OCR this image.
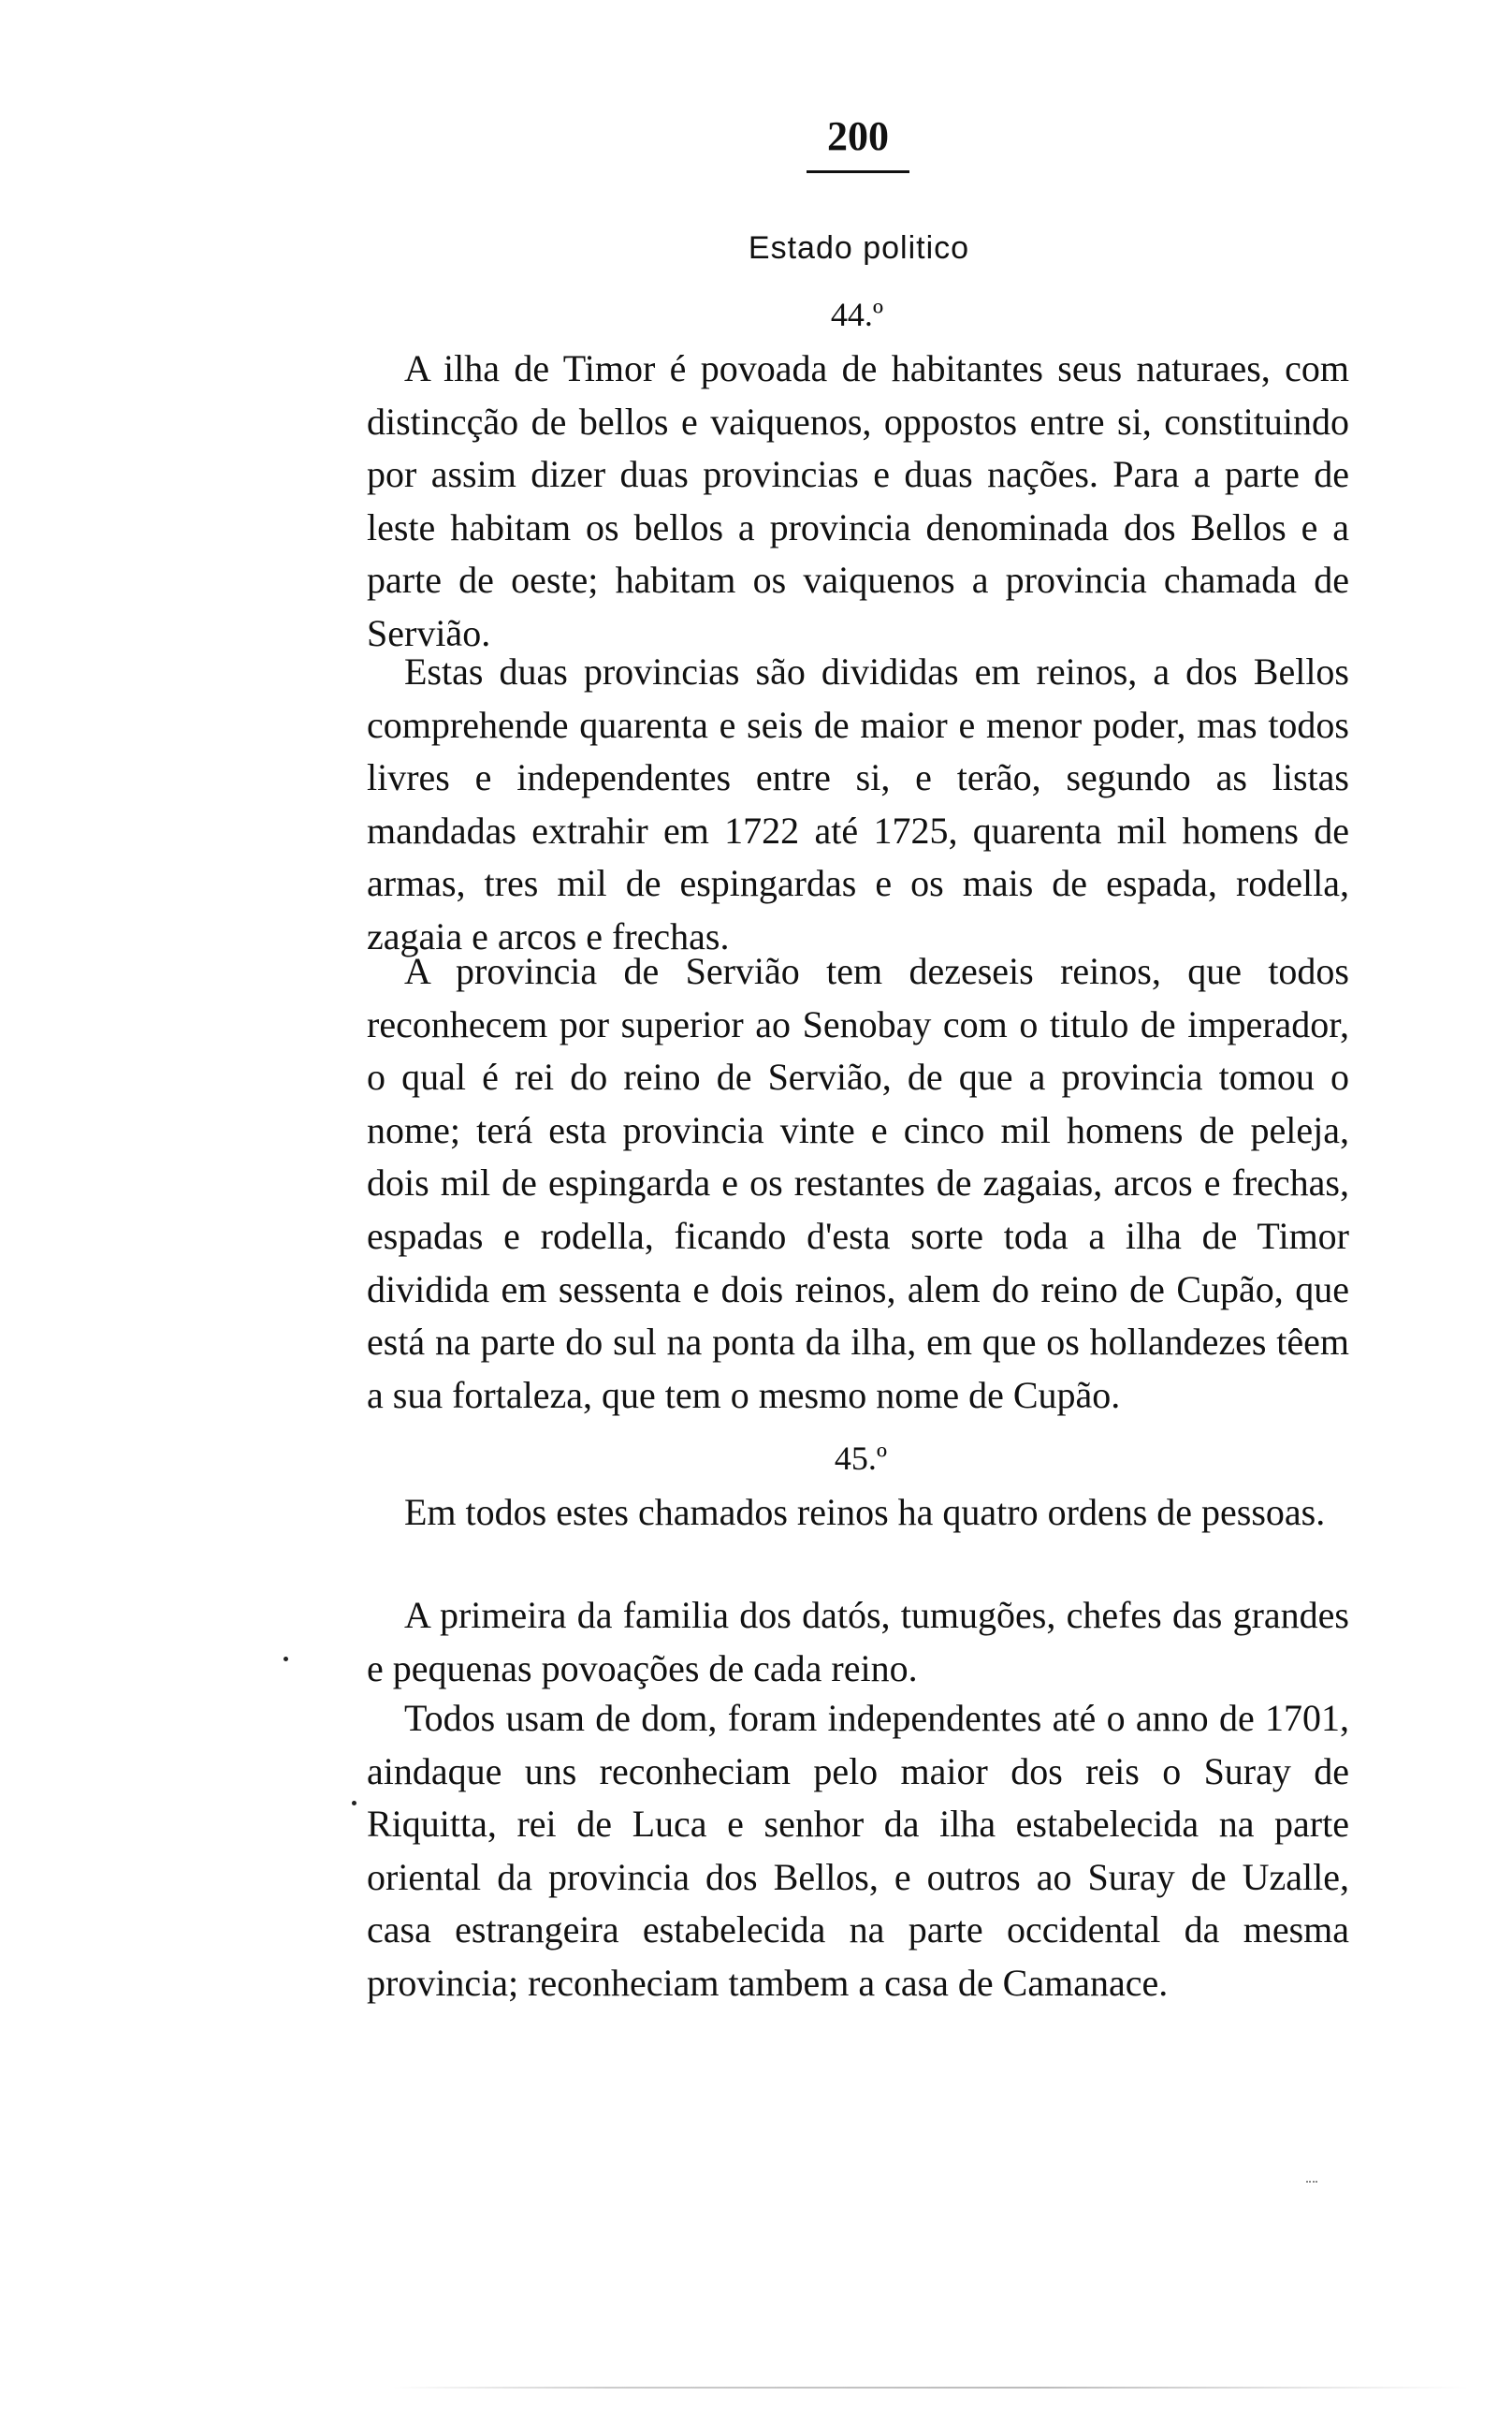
200
Estado politico
44.º

A ilha de Timor é povoada de habitantes seus naturaes, com distincção de bellos e vaiquenos, oppostos entre si, constituindo por assim dizer duas provincias e duas nações. Para a parte de leste habitam os bellos a provincia denominada dos Bellos e a parte de oeste; habitam os vaiquenos a provincia chamada de Servião.

Estas duas provincias são divididas em reinos, a dos Bellos comprehende quarenta e seis de maior e menor poder, mas todos livres e independentes entre si, e terão, segundo as listas mandadas extrahir em 1722 até 1725, quarenta mil homens de armas, tres mil de espingardas e os mais de espada, rodella, zagaia e arcos e frechas.

A provincia de Servião tem dezeseis reinos, que todos reconhecem por superior ao Senobay com o titulo de imperador, o qual é rei do reino de Servião, de que a provincia tomou o nome; terá esta provincia vinte e cinco mil homens de peleja, dois mil de espingarda e os restantes de zagaias, arcos e frechas, espadas e rodella, ficando d'esta sorte toda a ilha de Timor dividida em sessenta e dois reinos, alem do reino de Cupão, que está na parte do sul na ponta da ilha, em que os hollandezes têem a sua fortaleza, que tem o mesmo nome de Cupão.

45.º

Em todos estes chamados reinos ha quatro ordens de pessoas.

A primeira da familia dos datós, tumugões, chefes das grandes e pequenas povoações de cada reino.

Todos usam de dom, foram independentes até o anno de 1701, aindaque uns reconheciam pelo maior dos reis o Suray de Riquitta, rei de Luca e senhor da ilha estabelecida na parte oriental da provincia dos Bellos, e outros ao Suray de Uzalle, casa estrangeira estabelecida na parte occidental da mesma provincia; reconheciam tambem a casa de Camanace.
